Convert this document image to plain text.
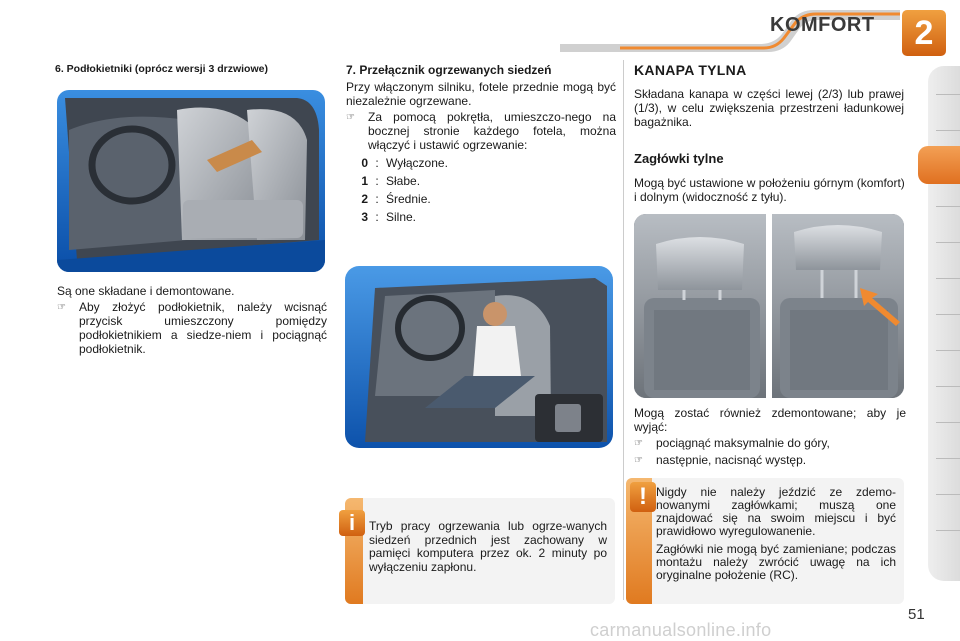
KOMFORT	2
6. Podłokietniki (oprócz wersji 3 drzwiowe)
Są one składane i demontowane.
☞	Aby złożyć podłokietnik, należy wcisnąć przycisk umieszczony pomiędzy podłokietnikiem a siedze-niem i pociągnąć podłokietnik.
7. Przełącznik ogrzewanych siedzeń
Przy włączonym silniku, fotele przednie mogą być niezależnie ogrzewane.
☞	Za pomocą pokrętła, umieszczo-nego na bocznej stronie każdego fotela, można włączyć i ustawić ogrzewanie:
0 : Wyłączone.
1 : Słabe.
2 : Średnie.
3 : Silne.
i	Tryb pracy ogrzewania lub ogrze-wanych siedzeń przednich jest zachowany w pamięci komputera przez ok. 2 minuty po wyłączeniu zapłonu.
KANAPA TYLNA
Składana kanapa w części lewej (2/3) lub prawej (1/3), w celu zwiększenia przestrzeni ładunkowej bagażnika.
Zagłówki tylne
Mogą być ustawione w położeniu górnym (komfort) i dolnym (widoczność z tyłu).
Mogą zostać również zdemontowane; aby je wyjąć:
☞	pociągnąć maksymalnie do góry,
☞	następnie, nacisnąć występ.
! Nigdy nie należy jeździć ze zdemo-nowanymi zagłówkami; muszą one znajdować się na swoim miejscu i być prawidłowo wyregulowanenie.
Zagłówki nie mogą być zamieniane; podczas montażu należy zwrócić uwagę na ich oryginalne położenie (RC).
51
carmanualsonline.info
